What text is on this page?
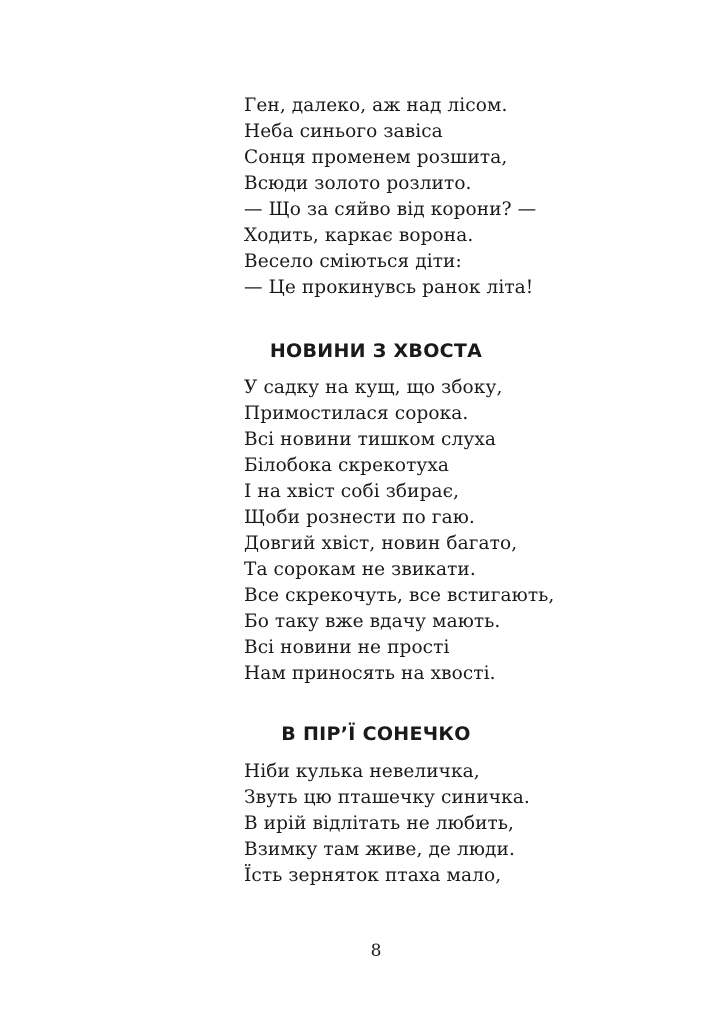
Ген, далеко, аж над лісом.
Неба синього завіса
Сонця променем розшита,
Всюди золото розлито.
— Що за сяйво від корони? —
Ходить, каркає ворона.
Весело сміються діти:
— Це прокинувсь ранок літа!
НОВИНИ З ХВОСТА
У садку на кущ, що збоку,
Примостилася сорока.
Всі новини тишком слуха
Білобока скрекотуха
І на хвіст собі збирає,
Щоби рознести по гаю.
Довгий хвіст, новин багато,
Та сорокам не звикати.
Все скрекочуть, все встигають,
Бо таку вже вдачу мають.
Всі новини не прості
Нам приносять на хвості.
В ПІР’Ї СОНЕЧКО
Ніби кулька невеличка,
Звуть цю пташечку синичка.
В ирій відлітать не любить,
Взимку там живе, де люди.
Їсть зерняток птаха мало,
8
